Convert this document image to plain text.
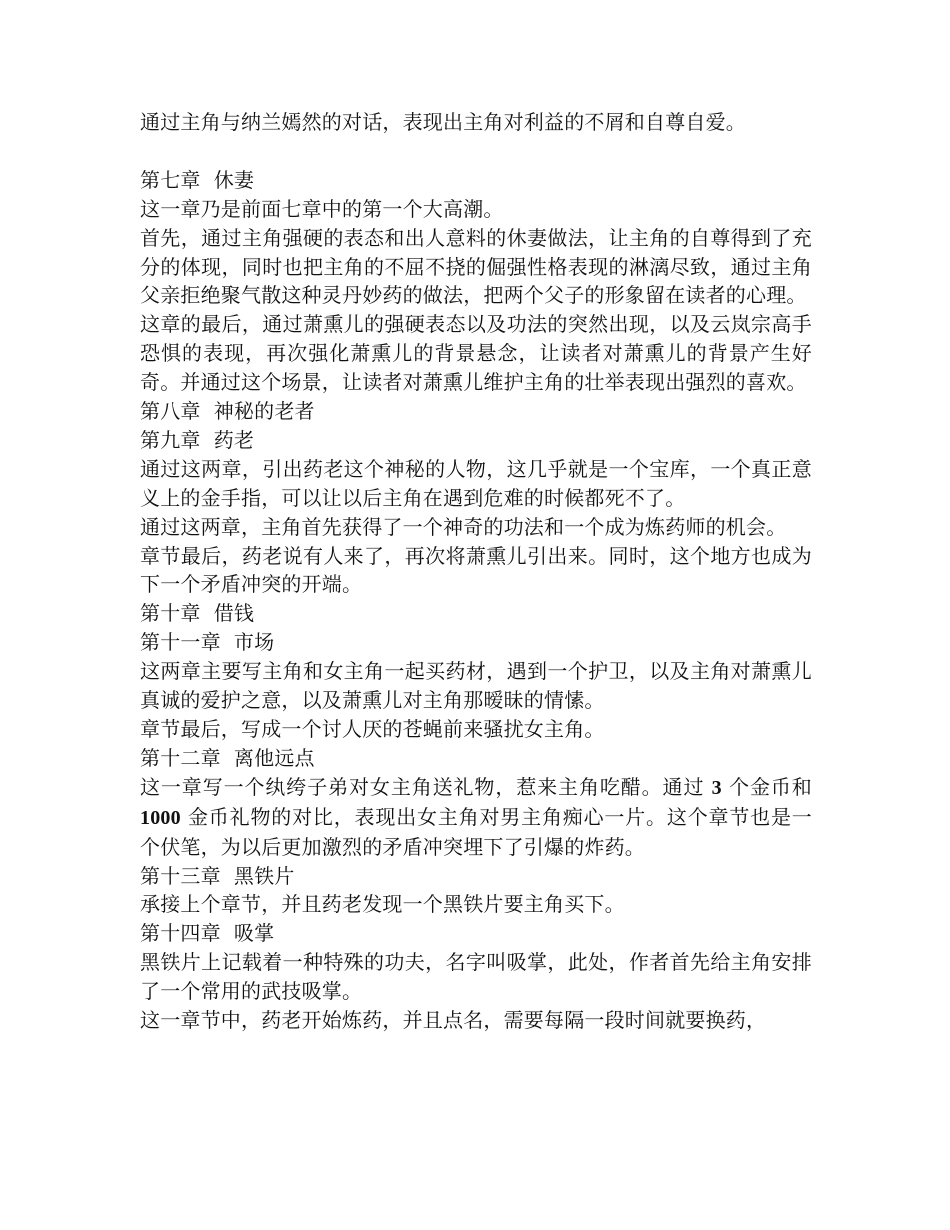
通过主角与纳兰嫣然的对话，表现出主角对利益的不屑和自尊自爱。

第七章  休妻

这一章乃是前面七章中的第一个大高潮。

首先，通过主角强硬的表态和出人意料的休妻做法，让主角的自尊得到了充分的体现，同时也把主角的不屈不挠的倔强性格表现的淋漓尽致，通过主角父亲拒绝聚气散这种灵丹妙药的做法，把两个父子的形象留在读者的心理。

这章的最后，通过萧熏儿的强硬表态以及功法的突然出现，以及云岚宗高手恐惧的表现，再次强化萧熏儿的背景悬念，让读者对萧熏儿的背景产生好奇。并通过这个场景，让读者对萧熏儿维护主角的壮举表现出强烈的喜欢。

第八章  神秘的老者

第九章  药老

通过这两章，引出药老这个神秘的人物，这几乎就是一个宝库，一个真正意义上的金手指，可以让以后主角在遇到危难的时候都死不了。

通过这两章，主角首先获得了一个神奇的功法和一个成为炼药师的机会。

章节最后，药老说有人来了，再次将萧熏儿引出来。同时，这个地方也成为下一个矛盾冲突的开端。

第十章  借钱

第十一章  市场

这两章主要写主角和女主角一起买药材，遇到一个护卫，以及主角对萧熏儿真诚的爱护之意，以及萧熏儿对主角那暧昧的情愫。

章节最后，写成一个讨人厌的苍蝇前来骚扰女主角。

第十二章  离他远点

这一章写一个纨绔子弟对女主角送礼物，惹来主角吃醋。通过 3 个金币和 1000 金币礼物的对比，表现出女主角对男主角痴心一片。这个章节也是一个伏笔，为以后更加激烈的矛盾冲突埋下了引爆的炸药。

第十三章  黑铁片

承接上个章节，并且药老发现一个黑铁片要主角买下。

第十四章  吸掌

黑铁片上记载着一种特殊的功夫，名字叫吸掌，此处，作者首先给主角安排了一个常用的武技吸掌。

这一章节中，药老开始炼药，并且点名，需要每隔一段时间就要换药，
